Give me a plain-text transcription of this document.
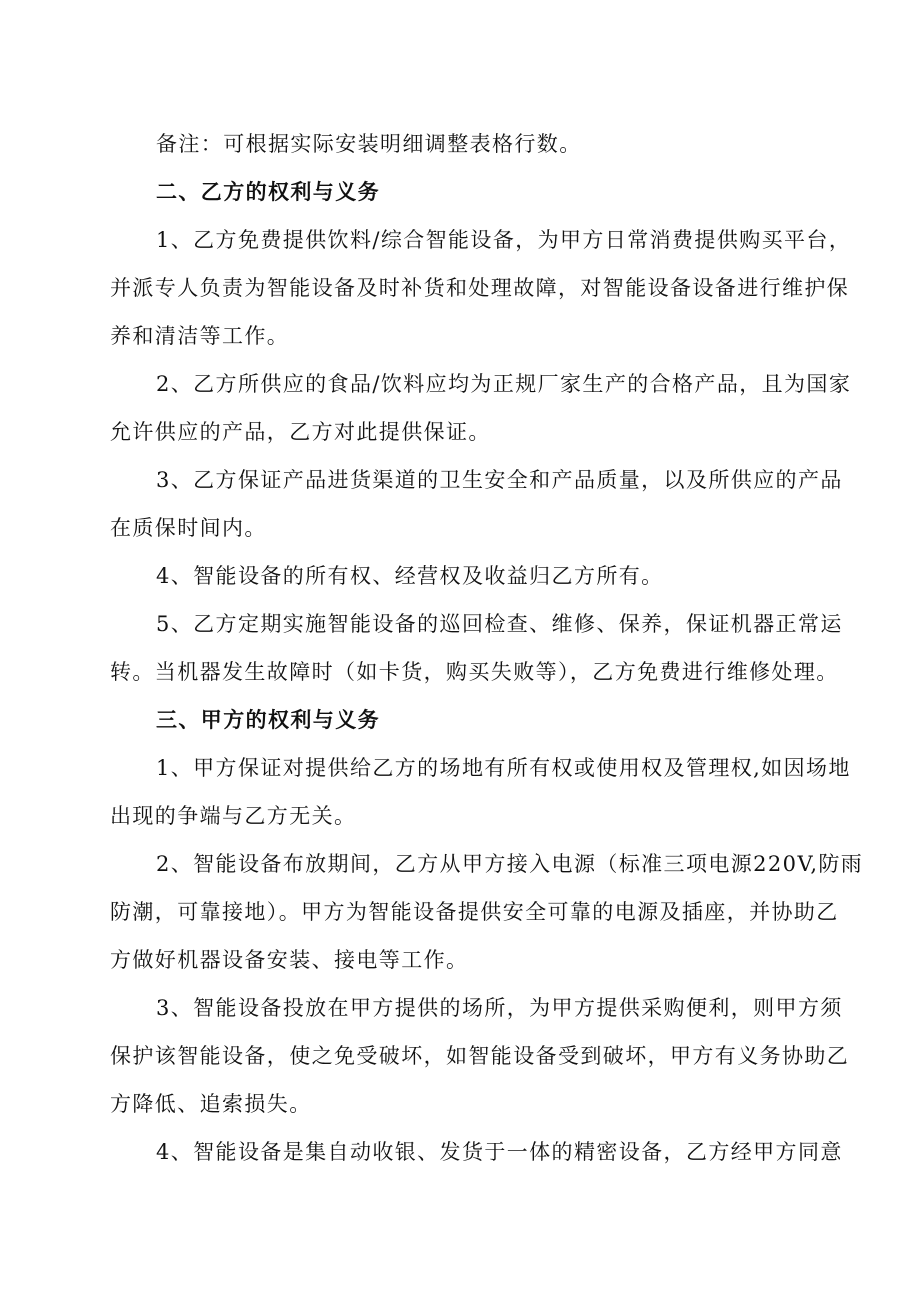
备注：可根据实际安装明细调整表格行数。
二、乙方的权利与义务
1、乙方免费提供饮料/综合智能设备，为甲方日常消费提供购买平台，
并派专人负责为智能设备及时补货和处理故障，对智能设备设备进行维护保
养和清洁等工作。
2、乙方所供应的食品/饮料应均为正规厂家生产的合格产品，且为国家
允许供应的产品，乙方对此提供保证。
3、乙方保证产品进货渠道的卫生安全和产品质量，以及所供应的产品
在质保时间内。
4、智能设备的所有权、经营权及收益归乙方所有。
5、乙方定期实施智能设备的巡回检查、维修、保养，保证机器正常运
转。当机器发生故障时（如卡货，购买失败等），乙方免费进行维修处理。
三、甲方的权利与义务
1、甲方保证对提供给乙方的场地有所有权或使用权及管理权,如因场地
出现的争端与乙方无关。
2、智能设备布放期间，乙方从甲方接入电源（标准三项电源220V,防雨
防潮，可靠接地）。甲方为智能设备提供安全可靠的电源及插座，并协助乙
方做好机器设备安装、接电等工作。
3、智能设备投放在甲方提供的场所，为甲方提供采购便利，则甲方须
保护该智能设备，使之免受破坏，如智能设备受到破坏，甲方有义务协助乙
方降低、追索损失。
4、智能设备是集自动收银、发货于一体的精密设备，乙方经甲方同意
